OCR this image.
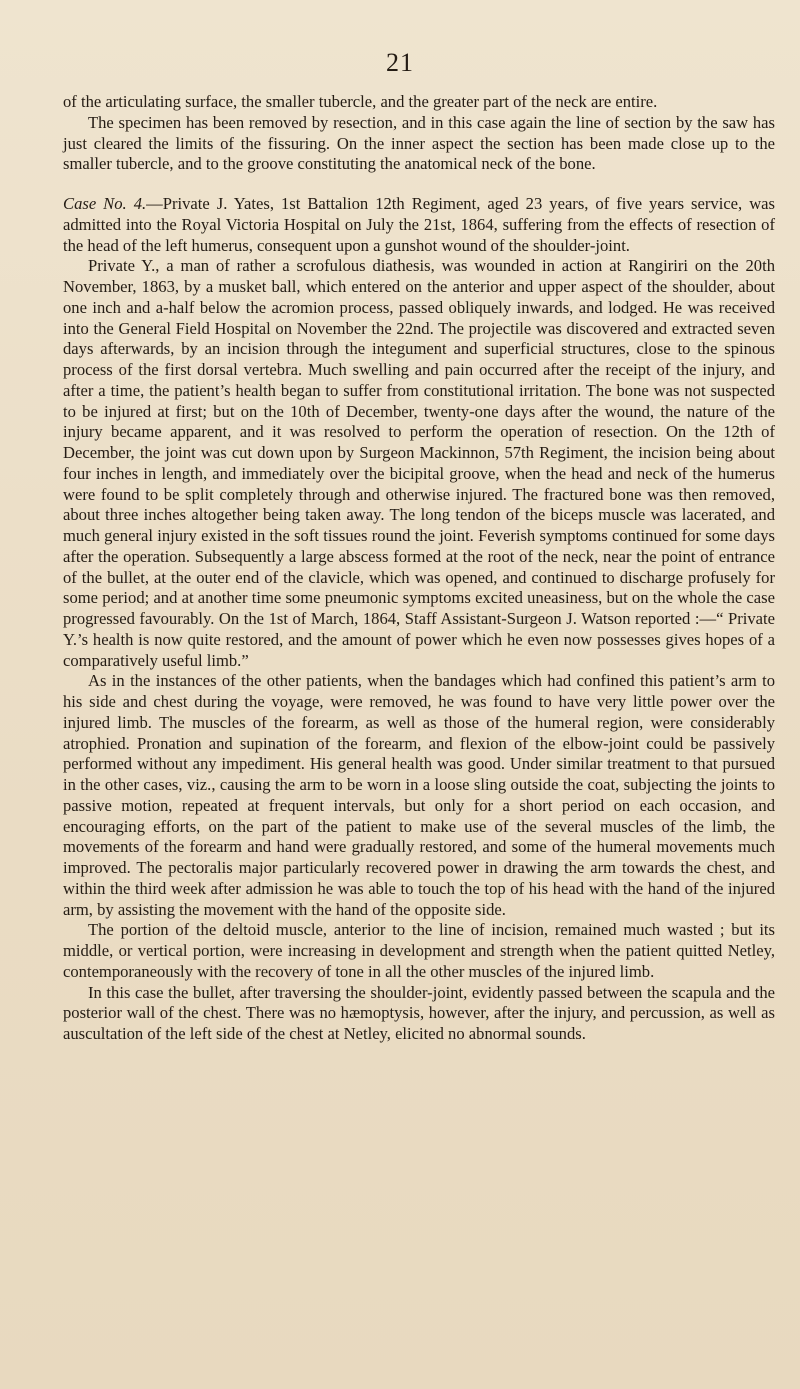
21

of the articulating surface, the smaller tubercle, and the greater part of the neck are entire.

The specimen has been removed by resection, and in this case again the line of section by the saw has just cleared the limits of the fissuring. On the inner aspect the section has been made close up to the smaller tubercle, and to the groove constituting the anatomical neck of the bone.

Case No. 4.—Private J. Yates, 1st Battalion 12th Regiment, aged 23 years, of five years service, was admitted into the Royal Victoria Hospital on July the 21st, 1864, suffering from the effects of resection of the head of the left humerus, consequent upon a gunshot wound of the shoulder-joint.

Private Y., a man of rather a scrofulous diathesis, was wounded in action at Rangiriri on the 20th November, 1863, by a musket ball, which entered on the anterior and upper aspect of the shoulder, about one inch and a-half below the acromion process, passed obliquely inwards, and lodged. He was received into the General Field Hospital on November the 22nd. The projectile was discovered and extracted seven days afterwards, by an incision through the integument and superficial structures, close to the spinous process of the first dorsal vertebra. Much swelling and pain occurred after the receipt of the injury, and after a time, the patient’s health began to suffer from constitutional irritation. The bone was not suspected to be injured at first; but on the 10th of December, twenty-one days after the wound, the nature of the injury became apparent, and it was resolved to perform the operation of resection. On the 12th of December, the joint was cut down upon by Surgeon Mackinnon, 57th Regiment, the incision being about four inches in length, and immediately over the bicipital groove, when the head and neck of the humerus were found to be split completely through and otherwise injured. The fractured bone was then removed, about three inches altogether being taken away. The long tendon of the biceps muscle was lacerated, and much general injury existed in the soft tissues round the joint. Feverish symptoms continued for some days after the operation. Subsequently a large abscess formed at the root of the neck, near the point of entrance of the bullet, at the outer end of the clavicle, which was opened, and continued to discharge profusely for some period; and at another time some pneumonic symptoms excited uneasiness, but on the whole the case progressed favourably. On the 1st of March, 1864, Staff Assistant-Surgeon J. Watson reported :—“ Private Y.’s health is now quite restored, and the amount of power which he even now possesses gives hopes of a comparatively useful limb.”

As in the instances of the other patients, when the bandages which had confined this patient’s arm to his side and chest during the voyage, were removed, he was found to have very little power over the injured limb. The muscles of the forearm, as well as those of the humeral region, were considerably atrophied. Pronation and supination of the forearm, and flexion of the elbow-joint could be passively performed without any impediment. His general health was good. Under similar treatment to that pursued in the other cases, viz., causing the arm to be worn in a loose sling outside the coat, subjecting the joints to passive motion, repeated at frequent intervals, but only for a short period on each occasion, and encouraging efforts, on the part of the patient to make use of the several muscles of the limb, the movements of the forearm and hand were gradually restored, and some of the humeral movements much improved. The pectoralis major particularly recovered power in drawing the arm towards the chest, and within the third week after admission he was able to touch the top of his head with the hand of the injured arm, by assisting the movement with the hand of the opposite side.

The portion of the deltoid muscle, anterior to the line of incision, remained much wasted ; but its middle, or vertical portion, were increasing in development and strength when the patient quitted Netley, contemporaneously with the recovery of tone in all the other muscles of the injured limb.

In this case the bullet, after traversing the shoulder-joint, evidently passed between the scapula and the posterior wall of the chest. There was no hæmoptysis, however, after the injury, and percussion, as well as auscultation of the left side of the chest at Netley, elicited no abnormal sounds.
